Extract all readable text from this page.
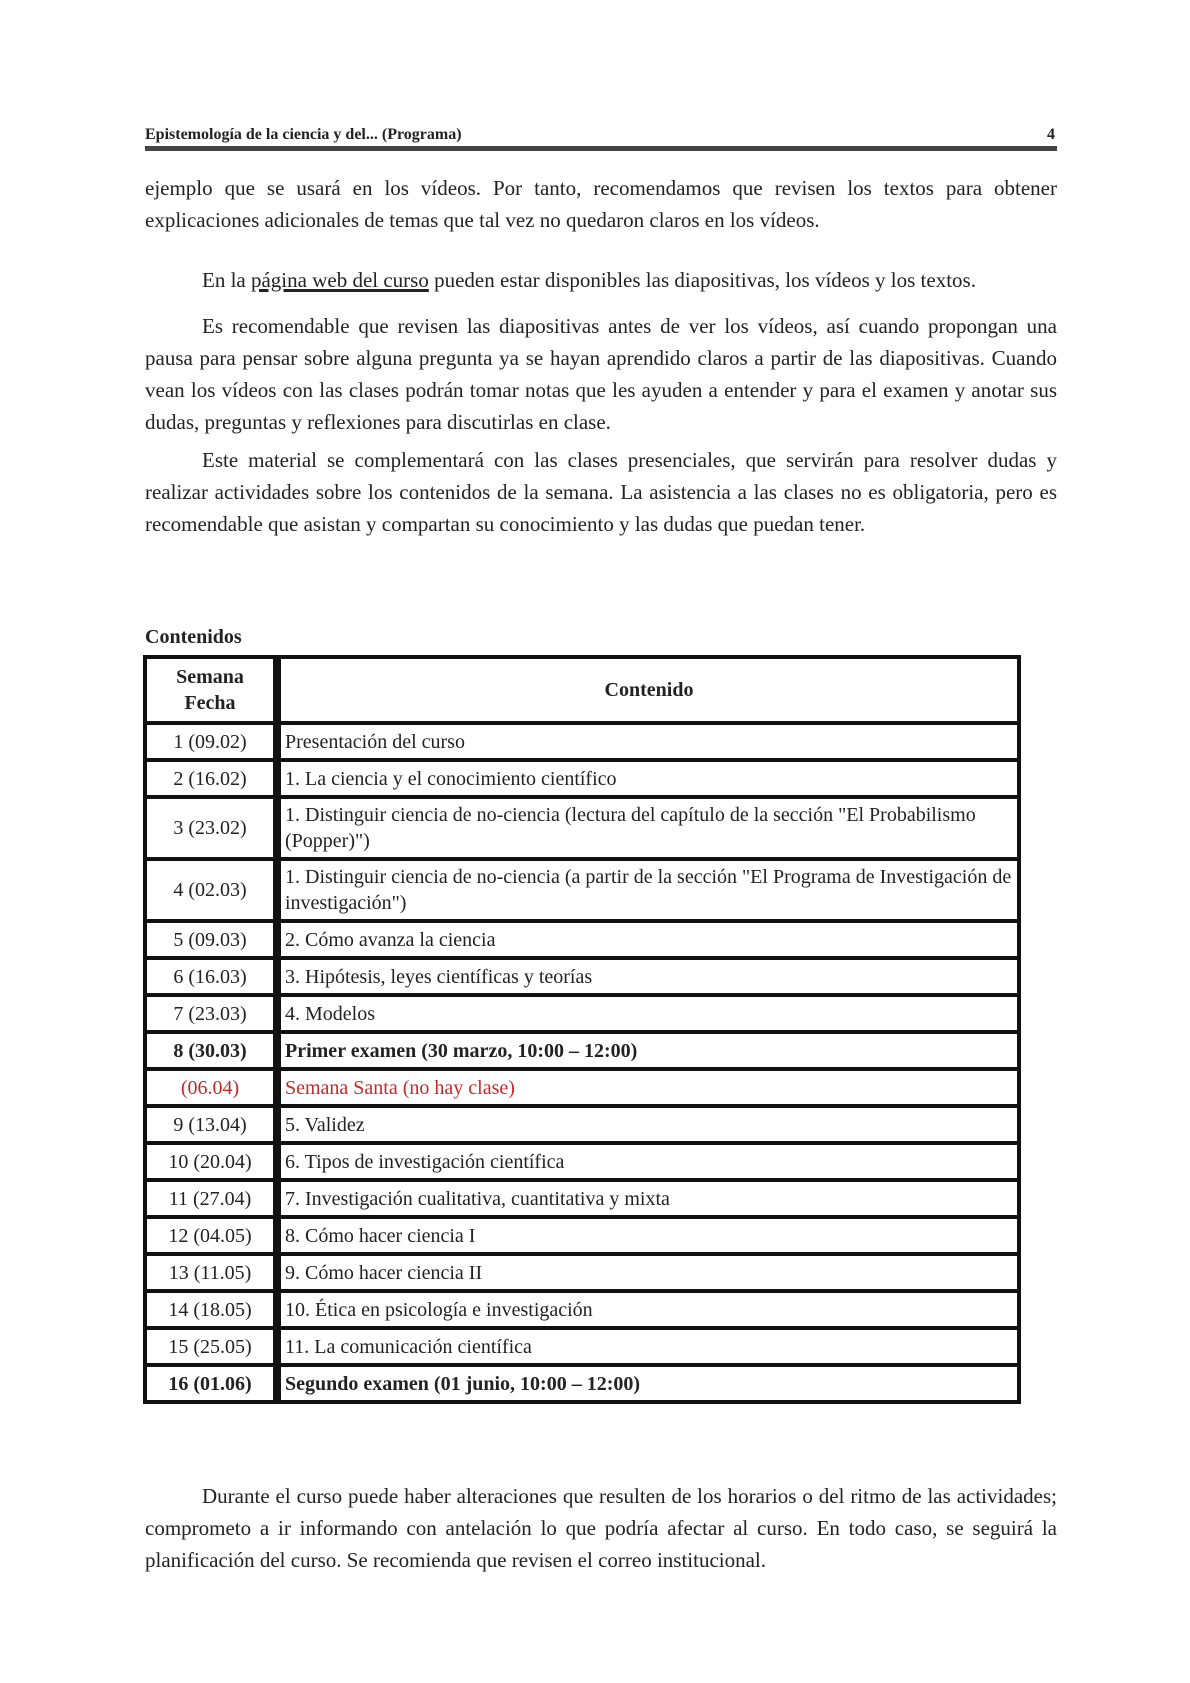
Epistemología de la ciencia y del... (Programa)	4

ejemplo que se usará en los vídeos. Por tanto, recomendamos que revisen los textos para obtener explicaciones adicionales de temas que tal vez no quedaron claros en los vídeos.

En la página web del curso pueden estar disponibles las diapositivas, los vídeos y los textos.

Es recomendable que revisen las diapositivas antes de ver los vídeos, así cuando propongan una pausa para pensar sobre alguna pregunta ya se hayan aprendido claros a partir de las diapositivas. Cuando vean los vídeos con las clases podrán tomar notas que les ayuden a entender y para el examen y anotar sus dudas, preguntas y reflexiones para discutirlas en clase.

Este material se complementará con las clases presenciales, que servirán para resolver dudas y realizar actividades sobre los contenidos de la semana. La asistencia a las clases no es obligatoria, pero es recomendable que asistan y compartan su conocimiento y las dudas que puedan tener.

Contenidos
Semana Fecha	Contenido
1 (09.02)	Presentación del curso
2 (16.02)	1. La ciencia y el conocimiento científico
3 (23.02)	1. Distinguir ciencia de no-ciencia (lectura del capítulo de la sección "El Probabilismo (Popper)")
4 (02.03)	1. Distinguir ciencia de no-ciencia (a partir de la sección "El Programa de Investigación de investigación")
5 (09.03)	2. Cómo avanza la ciencia
6 (16.03)	3. Hipótesis, leyes científicas y teorías
7 (23.03)	4. Modelos
8 (30.03)	Primer examen (30 marzo, 10:00 – 12:00)
(06.04)	Semana Santa (no hay clase)
9 (13.04)	5. Validez
10 (20.04)	6. Tipos de investigación científica
11 (27.04)	7. Investigación cualitativa, cuantitativa y mixta
12 (04.05)	8. Cómo hacer ciencia I
13 (11.05)	9. Cómo hacer ciencia II
14 (18.05)	10. Ética en psicología e investigación
15 (25.05)	11. La comunicación científica
16 (01.06)	Segundo examen (01 junio, 10:00 – 12:00)

Durante el curso puede haber alteraciones que resulten de los horarios o del ritmo de las actividades; comprometo a ir informando con antelación lo que podría afectar al curso. En todo caso, se seguirá la planificación del curso. Se recomienda que revisen el correo institucional.
